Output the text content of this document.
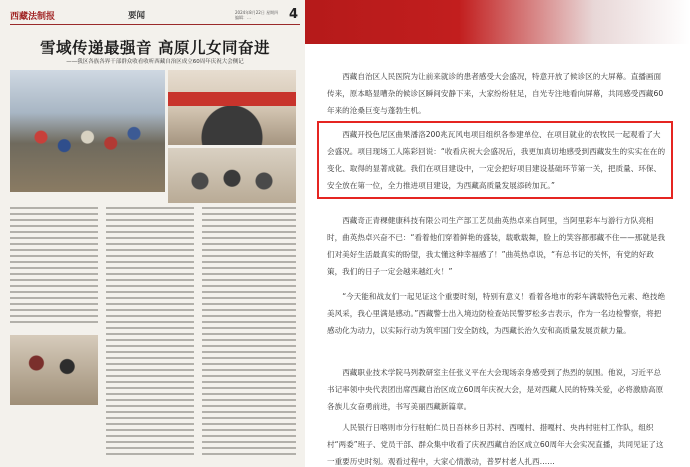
西藏法制报	要闻	2024年8月22日 星期四
编辑：…	4
雪域传递最强音 高原儿女同奋进
——我区各族各界干部群众收看收听西藏自治区成立60周年庆祝大会侧记

西藏自治区人民医院为让前来就诊的患者感受大会盛况，特意开放了候诊区的大屏幕。直播画面传来，原本略显嘈杂的候诊区瞬间安静下来，大家纷纷驻足，自光专注地看向屏幕，共同感受西藏60年来的沧桑巨变与蓬勃生机。

西藏开投色尼区曲果潘洛200兆瓦风电项目组织各参建单位、在项目就业的农牧民一起观看了大会盛况。项目现场工人陈彩回说：“收看庆祝大会盛况后，我更加真切地感受到西藏发生的实实在在的变化、取得的显著成就。我们在项目建设中，一定会把好项目建设基础环节第一关，把质量、环保、安全放在第一位，全力推进项目建设，为西藏高质量发展添砖加瓦。”

西藏奇正青稞健康科技有限公司生产部工艺员曲英热卓来自阿里，当阿里彩车与游行方队亮相时，曲英热卓兴奋不已：“看着他们穿着鲜艳的盛装，载歌载舞，脸上的笑容都那藏不住——那就是我们对美好生活最真实的盼望，我太懂这种幸福感了！”曲英热卓说，“有总书记的关怀，有党的好政策，我们的日子一定会越来越红火！”

“今天能和战友们一起见证这个重要时刻，特别有意义！看着各地市的彩车满载特色元素、绝技绝美风采，我心里满是感动。”西藏警士出入境边防检查站民警罗松多吉表示，作为一名边检警察，将把感动化为动力，以实际行动为筑牢国门安全防线，为西藏长治久安和高质量发展贡献力量。

西藏职业技术学院马列教研室主任张义平在大会现场亲身感受到了热烈的氛围。他说，习近平总书记率领中央代表团出席西藏自治区成立60周年庆祝大会，是对西藏人民的特殊关爱，必将激励高原各族儿女奋勇前进，书写美丽西藏新篇章。

人民银行日喀则市分行驻帕仁员日吾林乡日苏村、西嘎村、措嘎村、央冉村驻村工作队，组织村“两委”班子、党员干部、群众集中收看了庆祝西藏自治区成立60周年大会实况直播，共同见证了这一重要历史时刻。观看过程中，大家心情激动，普罗村老人扎西……
